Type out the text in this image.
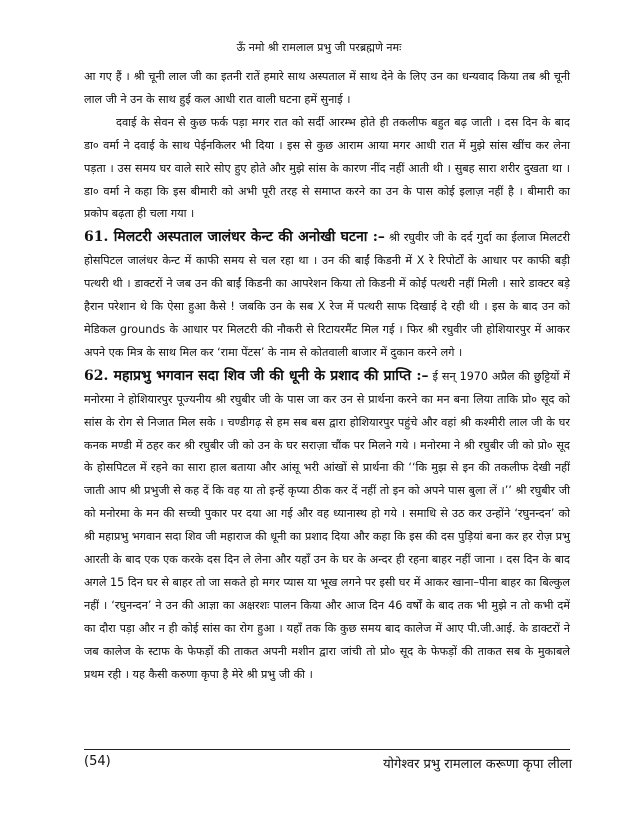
ऊँ नमो श्री रामलाल प्रभु जी परब्रह्मणे नमः

आ गए हैं । श्री चूनी लाल जी का इतनी रातें हमारे साथ अस्पताल में साथ देने के लिए उन का धन्यवाद किया तब श्री चूनी लाल जी ने उन के साथ हुई कल आधी रात वाली घटना हमें सुनाई ।

दवाई के सेवन से कुछ फर्क पड़ा मगर रात को सर्दी आरम्भ होते ही तकलीफ बहुत बढ़ जाती । दस दिन के बाद डा० वर्मा ने दवाई के साथ पेईनकिलर भी दिया । इस से कुछ आराम आया मगर आधी रात में मुझे सांस खींच कर लेना पड़ता । उस समय घर वाले सारे सोए हुए होते और मुझे सांस के कारण नींद नहीं आती थी । सुबह सारा शरीर दुखता था । डा० वर्मा ने कहा कि इस बीमारी को अभी पूरी तरह से समाप्त करने का उन के पास कोई इलाज़ नहीं है । बीमारी का प्रकोप बढ़ता ही चला गया ।

61. मिलटरी अस्पताल जालंधर केन्ट की अनोखी घटना :– श्री रघुवीर जी के दर्द गुर्दा का ईलाज मिलटरी होसपिटल जालंधर केन्ट में काफी समय से चल रहा था । उन की बाईं किडनी में X रे रिपोर्टों के आधार पर काफी बड़ी पत्थरी थी । डाक्टरों ने जब उन की बाईं किडनी का आपरेशन किया तो किडनी में कोई पत्थरी नहीं मिली । सारे डाक्टर बड़े हैरान परेशान थे कि ऐसा हुआ कैसे ! जबकि उन के सब X रेज में पत्थरी साफ दिखाई दे रही थी । इस के बाद उन को मेडिकल grounds के आधार पर मिलटरी की नौकरी से रिटायरमैंट मिल गई । फिर श्री रघुवीर जी होशियारपुर में आकर अपने एक मित्र के साथ मिल कर ‘रामा पेंटस’ के नाम से कोतवाली बाजार में दुकान करने लगे ।

62. महाप्रभु भगवान सदा शिव जी की धूनी के प्रशाद की प्राप्ति :– ई सन् 1970 अप्रैल की छुट्टियों में मनोरमा ने होशियारपुर पूज्यनीय श्री रघुबीर जी के पास जा कर उन से प्रार्थना करने का मन बना लिया ताकि प्रो० सूद को सांस के रोग से निजात मिल सके । चण्डीगढ़ से हम सब बस द्वारा होशियारपुर पहुंचे और वहां श्री कश्मीरी लाल जी के घर कनक मण्डी में ठहर कर श्री रघुबीर जी को उन के घर सराज़ा चौंक पर मिलने गये । मनोरमा ने श्री रघुबीर जी को प्रो० सूद के होसपिटल में रहने का सारा हाल बताया और आंसू भरी आंखों से प्रार्थना की ‘‘कि मुझ से इन की तकलीफ देखी नहीं जाती आप श्री प्रभुजी से कह दें कि वह या तो इन्हें कृप्या ठीक कर दें नहीं तो इन को अपने पास बुला लें ।’’ श्री रघुबीर जी को मनोरमा के मन की सच्ची पुकार पर दया आ गई और वह ध्यानास्थ हो गये । समाधि से उठ कर उन्होंने ‘रघुनन्दन’ को श्री महाप्रभु भगवान सदा शिव जी महाराज की धूनी का प्रशाद दिया और कहा कि इस की दस पुड़ियां बना कर हर रोज़ प्रभु आरती के बाद एक एक करके दस दिन ले लेना और यहाँ उन के घर के अन्दर ही रहना बाहर नहीं जाना । दस दिन के बाद अगले 15 दिन घर से बाहर तो जा सकते हो मगर प्यास या भूख लगने पर इसी घर में आकर खाना–पीना बाहर का बिल्कुल नहीं । ‘रघुनन्दन’ ने उन की आज्ञा का अक्षरशः पालन किया और आज दिन 46 वर्षों के बाद तक भी मुझे न तो कभी दमें का दौरा पड़ा और न ही कोई सांस का रोग हुआ । यहाँ तक कि कुछ समय बाद कालेज में आए पी.जी.आई. के डाक्टरों ने जब कालेज के स्टाफ के फेफड़ों की ताकत अपनी मशीन द्वारा जांची तो प्रो० सूद के फेफड़ों की ताकत सब के मुकाबले प्रथम रही । यह कैसी करुणा कृपा है मेरे श्री प्रभु जी की ।

(54)	योगेश्वर प्रभु रामलाल करूणा कृपा लीला
